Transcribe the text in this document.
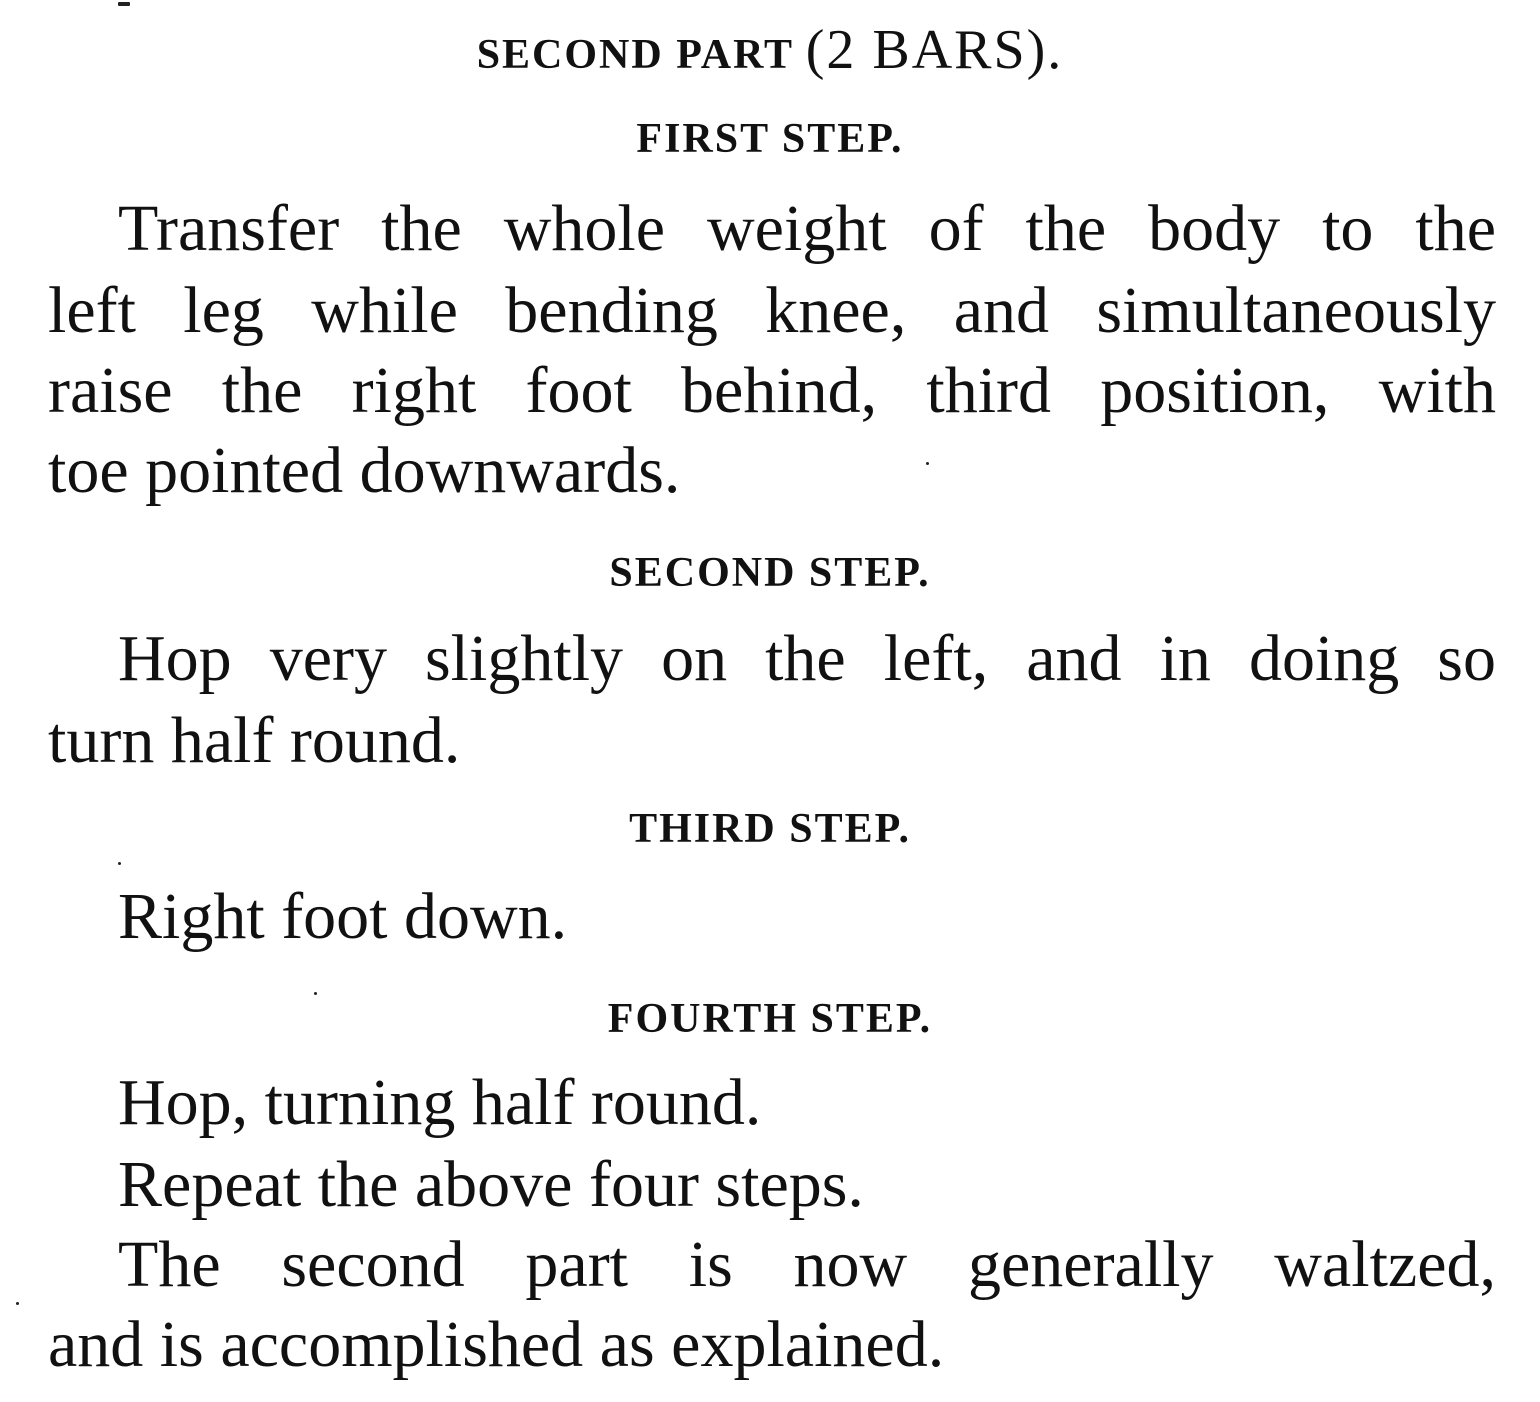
SECOND PART (2 BARS).
FIRST STEP.
Transfer the whole weight of the body to the
left leg while bending knee, and simultaneously
raise the right foot behind, third position, with
toe pointed downwards.
SECOND STEP.
Hop very slightly on the left, and in doing so
turn half round.
THIRD STEP.
Right foot down.
FOURTH STEP.
Hop, turning half round.
Repeat the above four steps.
The second part is now generally waltzed,
and is accomplished as explained.
